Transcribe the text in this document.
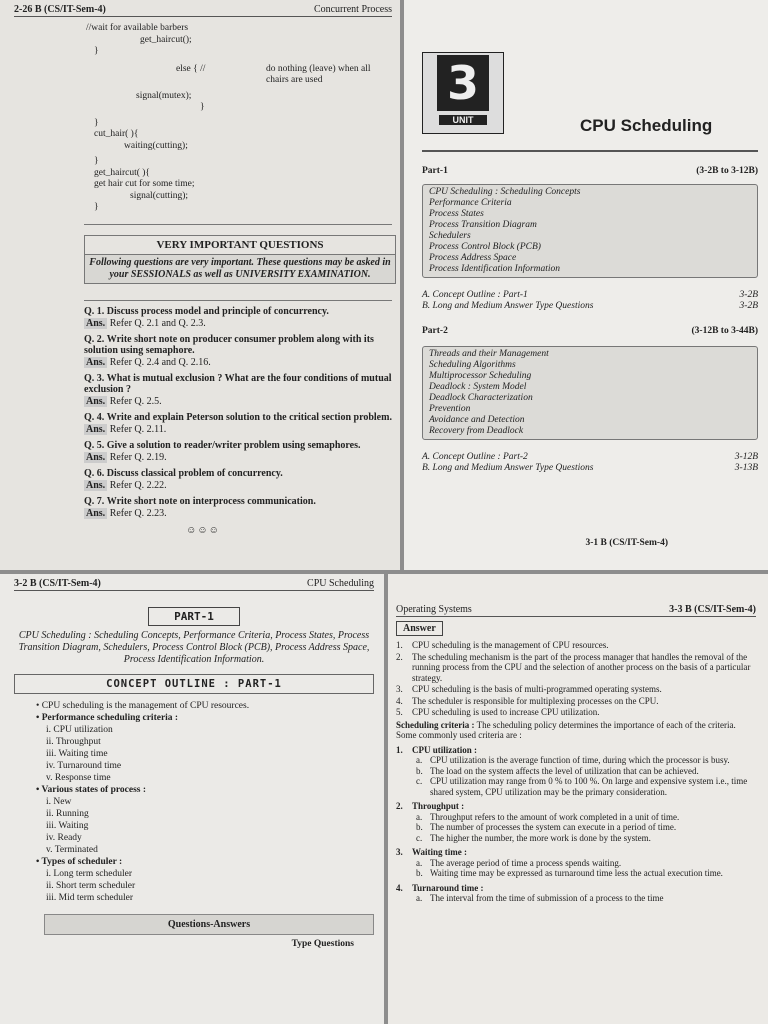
2-26 B (CS/IT-Sem-4)	Concurrent Process
//wait for available barbers
get_haircut();
}
else { //	do nothing (leave) when all chairs are used
signal(mutex);
}
}
cut_hair( ){
waiting(cutting);
}
get_haircut( ){
get hair cut for some time;
signal(cutting);
}
VERY IMPORTANT QUESTIONS
Following questions are very important. These questions may be asked in your SESSIONALS as well as UNIVERSITY EXAMINATION.
Q. 1. Discuss process model and principle of concurrency.
Ans. Refer Q. 2.1 and Q. 2.3.
Q. 2. Write short note on producer consumer problem along with its solution using semaphore.
Ans. Refer Q. 2.4 and Q. 2.16.
Q. 3. What is mutual exclusion ? What are the four conditions of mutual exclusion ?
Ans. Refer Q. 2.5.
Q. 4. Write and explain Peterson solution to the critical section problem.
Ans. Refer Q. 2.11.
Q. 5. Give a solution to reader/writer problem using semaphores.
Ans. Refer Q. 2.19.
Q. 6. Discuss classical problem of concurrency.
Ans. Refer Q. 2.22.
Q. 7. Write short note on interprocess communication.
Ans. Refer Q. 2.23.
☺☺☺
3
UNIT	CPU Scheduling
Part-1	(3-2B to 3-12B)
CPU Scheduling : Scheduling Concepts
Performance Criteria
Process States
Process Transition Diagram
Schedulers
Process Control Block (PCB)
Process Address Space
Process Identification Information
A. Concept Outline : Part-1	3-2B
B. Long and Medium Answer Type Questions	3-2B
Part-2	(3-12B to 3-44B)
Threads and their Management
Scheduling Algorithms
Multiprocessor Scheduling
Deadlock : System Model
Deadlock Characterization
Prevention
Avoidance and Detection
Recovery from Deadlock
A. Concept Outline : Part-2	3-12B
B. Long and Medium Answer Type Questions	3-13B
3-1 B (CS/IT-Sem-4)
3-2 B (CS/IT-Sem-4)	CPU Scheduling
PART-1
CPU Scheduling : Scheduling Concepts, Performance Criteria, Process States, Process Transition Diagram, Schedulers, Process Control Block (PCB), Process Address Space, Process Identification Information.
CONCEPT OUTLINE : PART-1
• CPU scheduling is the management of CPU resources.
• Performance scheduling criteria :
i. CPU utilization
ii. Throughput
iii. Waiting time
iv. Turnaround time
v. Response time
• Various states of process :
i. New
ii. Running
iii. Waiting
iv. Ready
v. Terminated
• Types of scheduler :
i. Long term scheduler
ii. Short term scheduler
iii. Mid term scheduler
Questions-Answers
Type Questions
Operating Systems	3-3 B (CS/IT-Sem-4)
Answer
1.	CPU scheduling is the management of CPU resources.
2.	The scheduling mechanism is the part of the process manager that handles the removal of the running process from the CPU and the selection of another process on the basis of a particular strategy.
3.	CPU scheduling is the basis of multi-programmed operating systems.
4.	The scheduler is responsible for multiplexing processes on the CPU.
5.	CPU scheduling is used to increase CPU utilization.
Scheduling criteria : The scheduling policy determines the importance of each of the criteria. Some commonly used criteria are :
1.	CPU utilization :
a. CPU utilization is the average function of time, during which the processor is busy.
b. The load on the system affects the level of utilization that can be achieved.
c. CPU utilization may range from 0 % to 100 %. On large and expensive system i.e., time shared system, CPU utilization may be the primary consideration.
2.	Throughput :
a. Throughput refers to the amount of work completed in a unit of time.
b. The number of processes the system can execute in a period of time.
c. The higher the number, the more work is done by the system.
3.	Waiting time :
a. The average period of time a process spends waiting.
b. Waiting time may be expressed as turnaround time less the actual execution time.
4.	Turnaround time :
a. The interval from the time of submission of a process to the time
